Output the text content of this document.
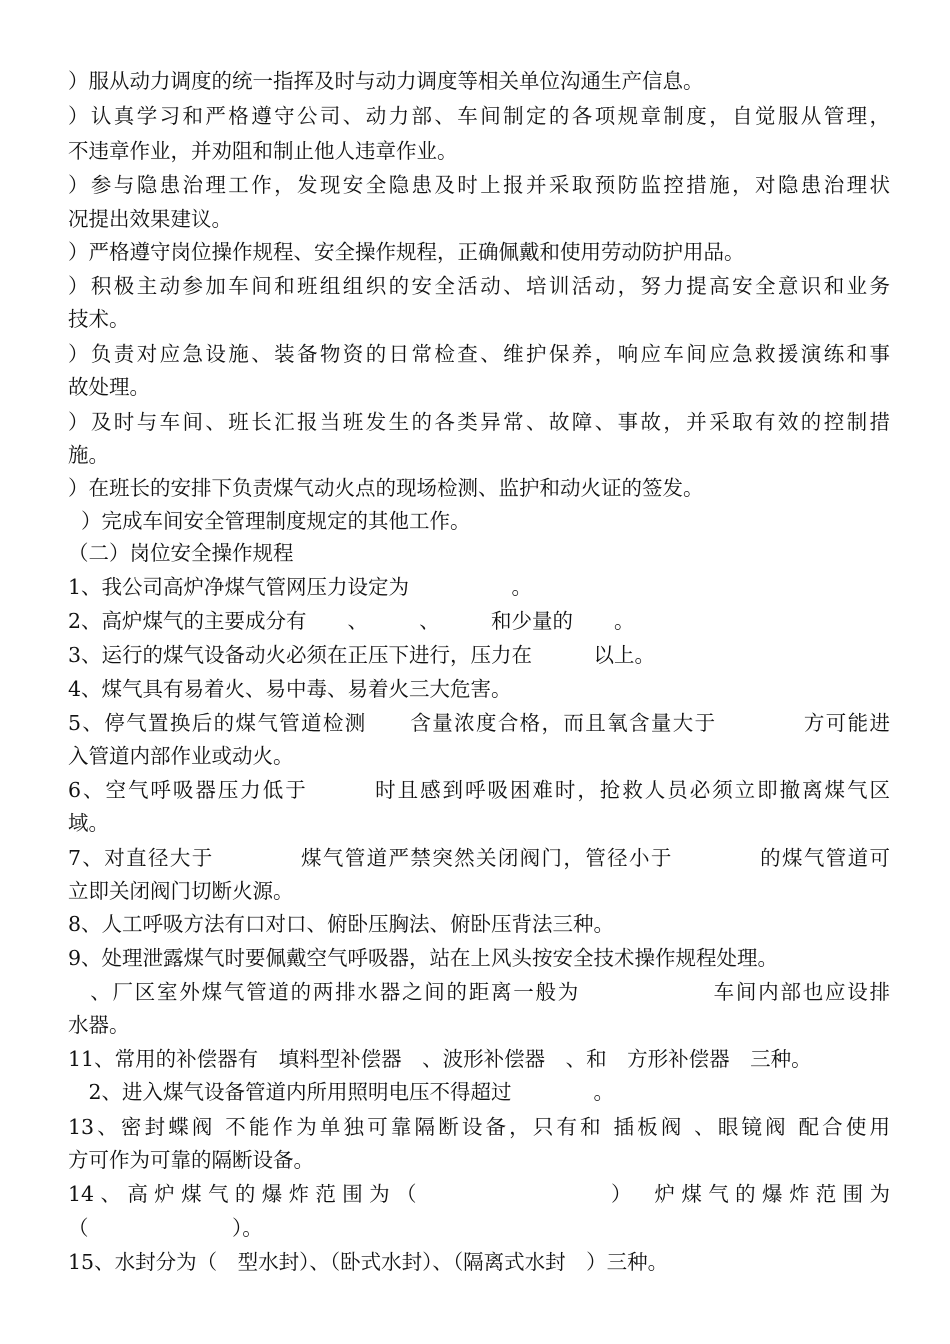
）服从动力调度的统一指挥及时与动力调度等相关单位沟通生产信息。
）认真学习和严格遵守公司、动力部、车间制定的各项规章制度，自觉服从管理，
不违章作业，并劝阻和制止他人违章作业。
）参与隐患治理工作，发现安全隐患及时上报并采取预防监控措施，对隐患治理状
况提出效果建议。
）严格遵守岗位操作规程、安全操作规程，正确佩戴和使用劳动防护用品。
）积极主动参加车间和班组组织的安全活动、培训活动，努力提高安全意识和业务
技术。
）负责对应急设施、装备物资的日常检查、维护保养，响应车间应急救援演练和事
故处理。
）及时与车间、班长汇报当班发生的各类异常、故障、事故，并采取有效的控制措
施。
）在班长的安排下负责煤气动火点的现场检测、监护和动火证的签发。
）完成车间安全管理制度规定的其他工作。
（二）岗位安全操作规程
1、我公司高炉净煤气管网压力设定为　　　　　。
2、高炉煤气的主要成分有　　、　　　、　　　和少量的　　。
3、运行的煤气设备动火必须在正压下进行，压力在　　　以上。
4、煤气具有易着火、易中毒、易着火三大危害。
5、停气置换后的煤气管道检测　　含量浓度合格，而且氧含量大于　　　　方可能进
入管道内部作业或动火。
6、空气呼吸器压力低于　　　时且感到呼吸困难时，抢救人员必须立即撤离煤气区
域。
7、对直径大于　　　　煤气管道严禁突然关闭阀门，管径小于　　　　的煤气管道可
立即关闭阀门切断火源。
8、人工呼吸方法有口对口、俯卧压胸法、俯卧压背法三种。
9、处理泄露煤气时要佩戴空气呼吸器，站在上风头按安全技术操作规程处理。
　、厂区室外煤气管道的两排水器之间的距离一般为　　　　　　车间内部也应设排
水器。
11、常用的补偿器有　填料型补偿器　、波形补偿器　、和　方形补偿器　三种。
　2、进入煤气设备管道内所用照明电压不得超过　　　　。
13、密封蝶阀 不能作为单独可靠隔断设备，只有和 插板阀 、眼镜阀 配合使用
方可作为可靠的隔断设备。
14、高炉煤气的爆炸范围为（　　　　　　　）　炉煤气的爆炸范围为
（　　　　　　　）。
15、水封分为（　型水封）、（卧式水封）、（隔离式水封　）三种。
